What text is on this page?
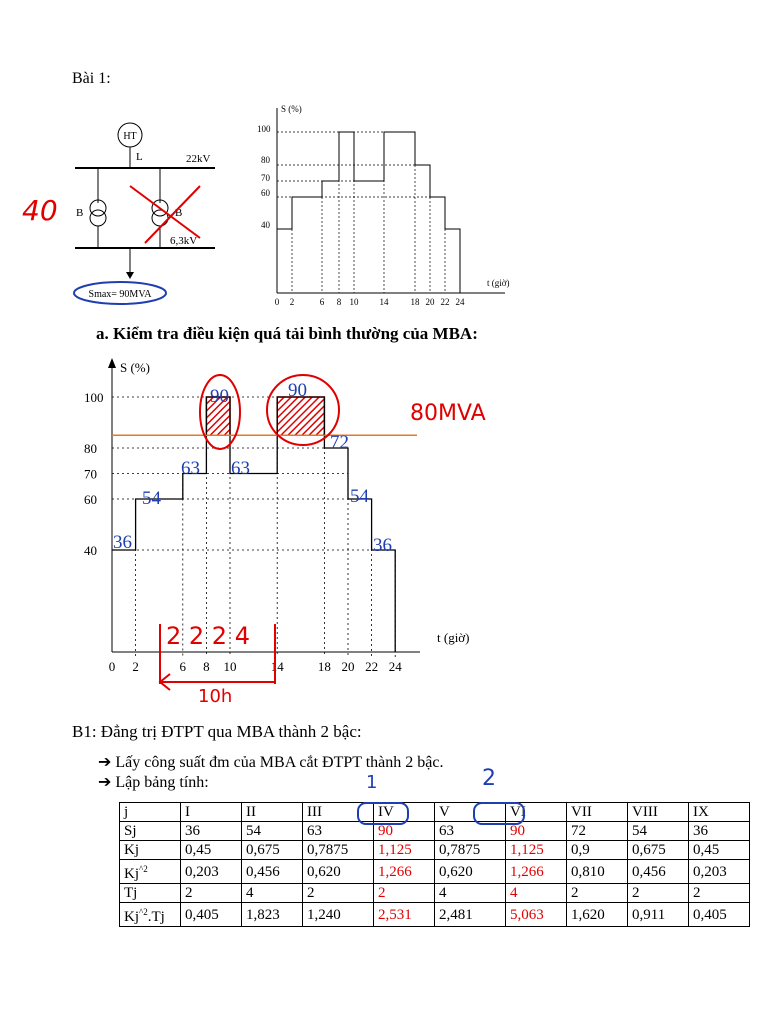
Bài 1:
HT
L	22kV
B	B
6,3kV
Smax= 90MVA
40
S (%)
t (giờ)
100
80
70
60
40
0 2	6 8 10 14 18 20 22 24
a. Kiểm tra điều kiện quá tải bình thường của MBA:
S (%)
t (giờ)
100
80
70
60
40
0 2	6 8 10	14	18 20 22 24
36
54
63 63
72
54
36
90	90
80MVA
2 2 2 4
10h
B1: Đẳng trị ĐTPT qua MBA thành 2 bậc:
➔ Lấy công suất đm của MBA cắt ĐTPT thành 2 bậc.
➔ Lập bảng tính:	1	2
j	I	II	III	IV	V	VI	VII	VIII	IX
Sj	36	54	63	90	63	90	72	54	36
Kj	0,45	0,675	0,7875	1,125	0,7875	1,125	0,9	0,675	0,45
$Kj^{\^{}2}$	0,203	0,456	0,620	1,266	0,620	1,266	0,810	0,456	0,203
Tj	2	4	2	2	4	4	2	2	2
$Kj^{\^{}2}.Tj$	0,405	1,823	1,240	2,531	2,481	5,063	1,620	0,911	0,405
